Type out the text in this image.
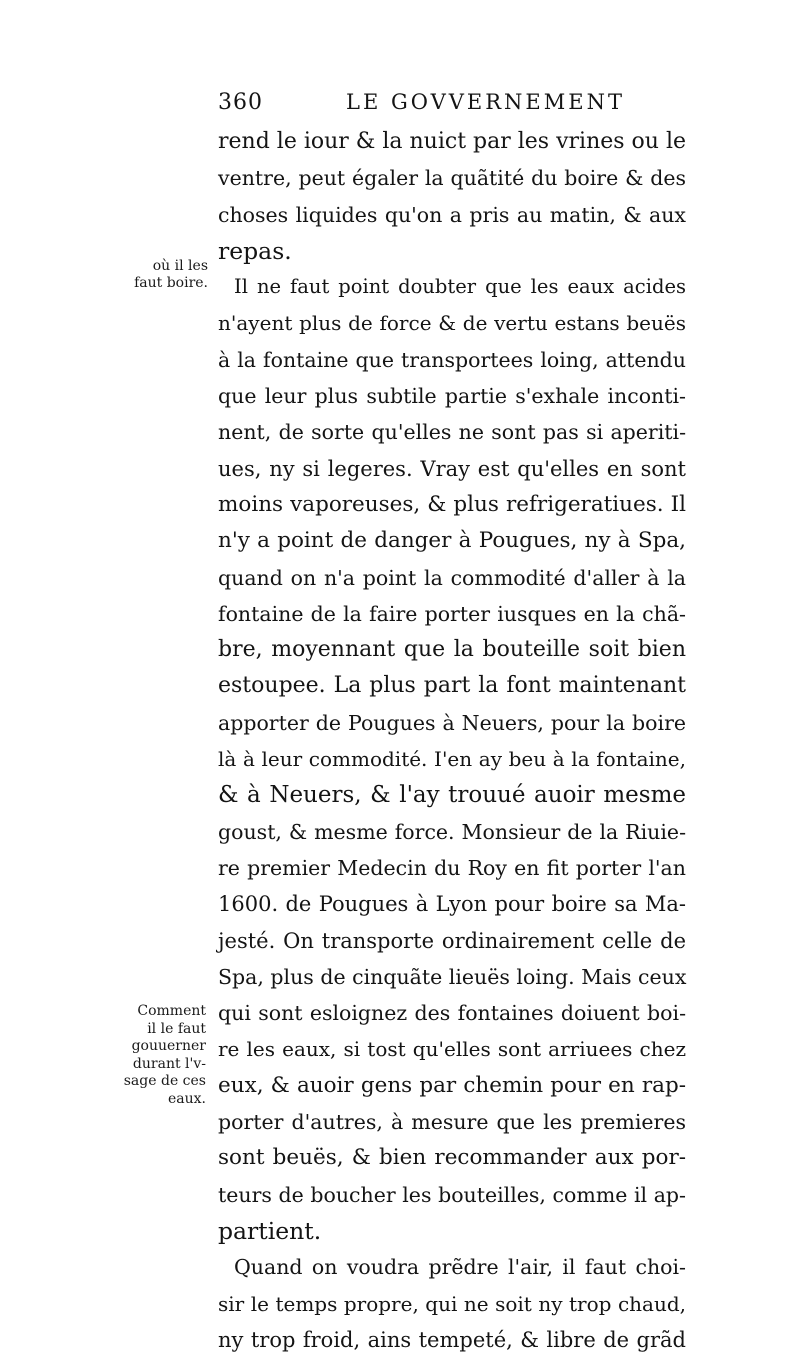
360	LE GOVVERNEMENT
où il les
faut boire.
Comment
il le faut
gouuerner
durant l'v-
sage de ces
eaux.
rend le iour & la nuict par les vrines ou le
ventre, peut égaler la quãtité du boire & des
choses liquides qu'on a pris au matin, & aux
repas.
Il ne faut point doubter que les eaux acides
n'ayent plus de force & de vertu estans beuës
à la fontaine que transportees loing, attendu
que leur plus subtile partie s'exhale inconti-
nent, de sorte qu'elles ne sont pas si aperiti-
ues, ny si legeres. Vray est qu'elles en sont
moins vaporeuses, & plus refrigeratiues. Il
n'y a point de danger à Pougues, ny à Spa,
quand on n'a point la commodité d'aller à la
fontaine de la faire porter iusques en la chã-
bre, moyennant que la bouteille soit bien
estoupee. La plus part la font maintenant
apporter de Pougues à Neuers, pour la boire
là à leur commodité. I'en ay beu à la fontaine,
& à Neuers, & l'ay trouué auoir mesme
goust, & mesme force. Monsieur de la Riuie-
re premier Medecin du Roy en fit porter l'an
1600. de Pougues à Lyon pour boire sa Ma-
jesté. On transporte ordinairement celle de
Spa, plus de cinquãte lieuës loing. Mais ceux
qui sont esloignez des fontaines doiuent boi-
re les eaux, si tost qu'elles sont arriuees chez
eux, & auoir gens par chemin pour en rap-
porter d'autres, à mesure que les premieres
sont beuës, & bien recommander aux por-
teurs de boucher les bouteilles, comme il ap-
partient.
Quand on voudra prẽdre l'air, il faut choi-
sir le temps propre, qui ne soit ny trop chaud,
ny trop froid, ains tempeté, & libre de grãd
